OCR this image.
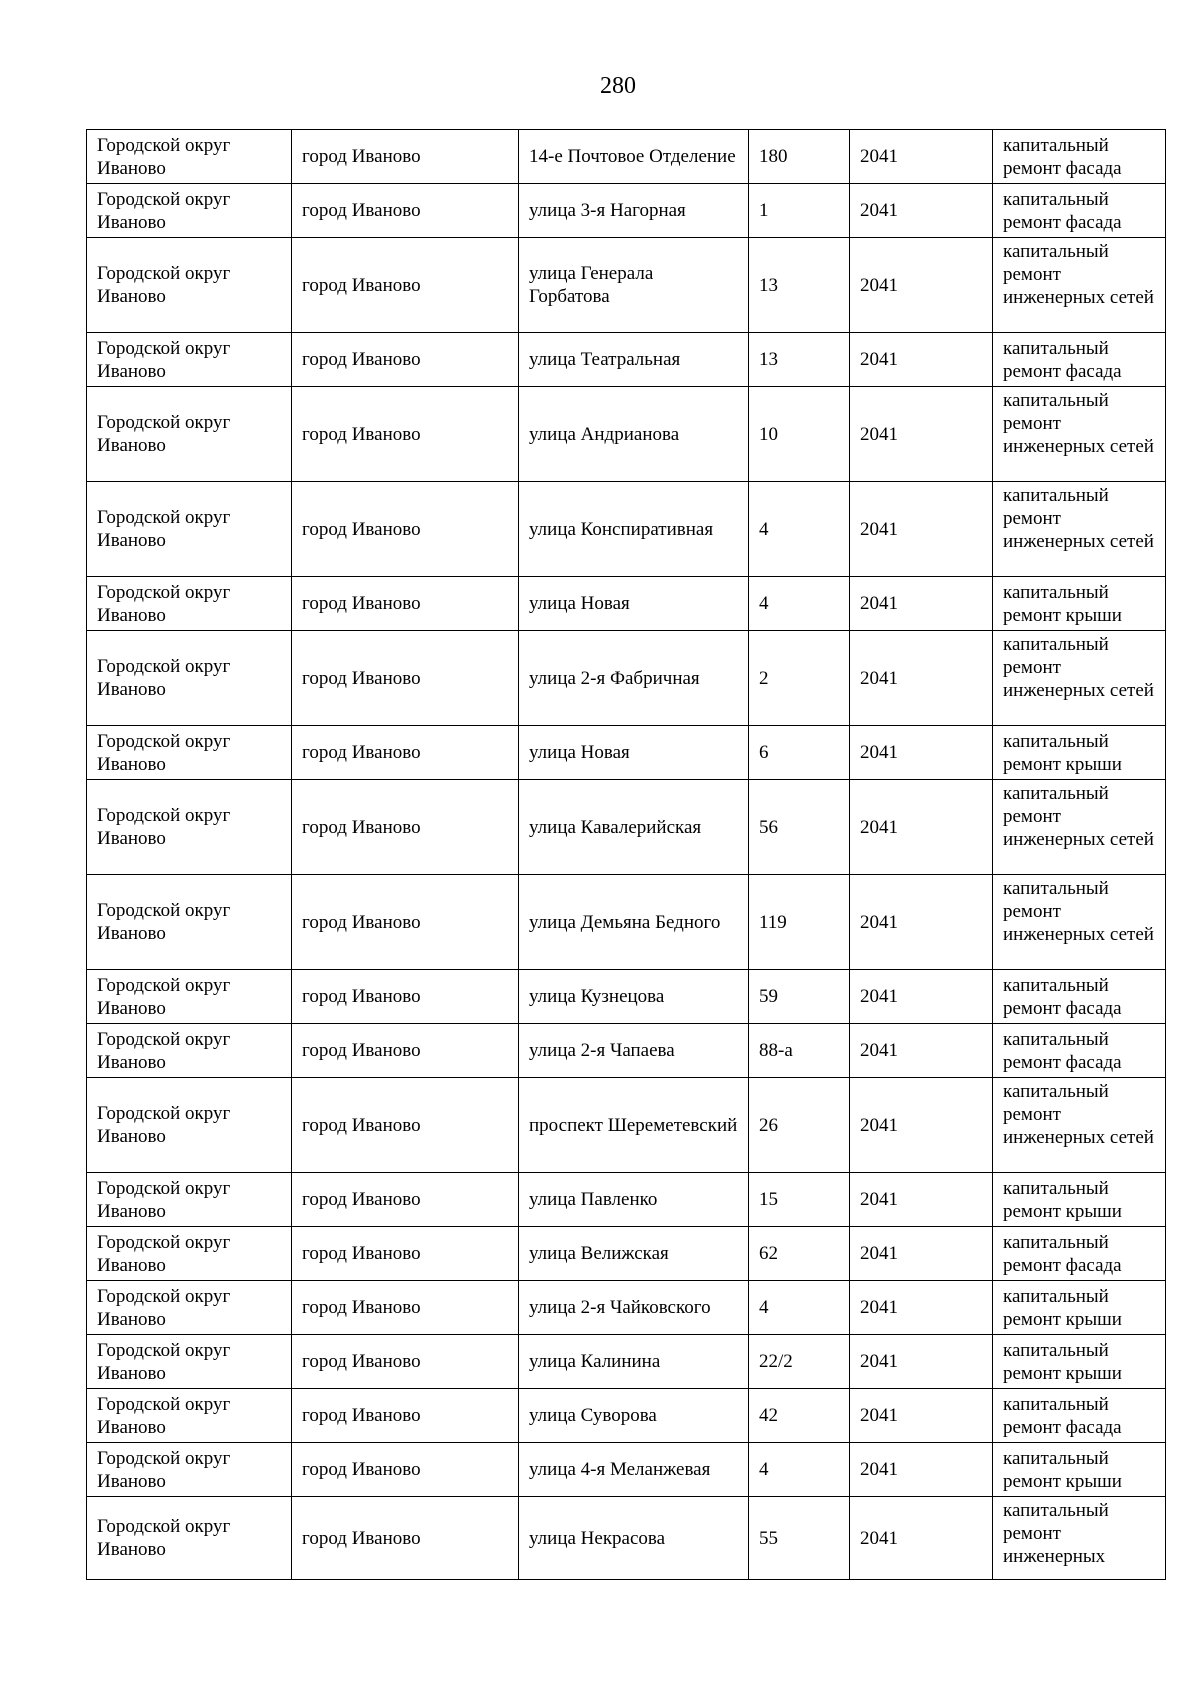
280
Городской округ Иваново	город Иваново	14-е Почтовое Отделение	180	2041	капитальный ремонт фасада
Городской округ Иваново	город Иваново	улица 3-я Нагорная	1	2041	капитальный ремонт фасада
Городской округ Иваново	город Иваново	улица Генерала Горбатова	13	2041	капитальный ремонт инженерных сетей
Городской округ Иваново	город Иваново	улица Театральная	13	2041	капитальный ремонт фасада
Городской округ Иваново	город Иваново	улица Андрианова	10	2041	капитальный ремонт инженерных сетей
Городской округ Иваново	город Иваново	улица Конспиративная	4	2041	капитальный ремонт инженерных сетей
Городской округ Иваново	город Иваново	улица Новая	4	2041	капитальный ремонт крыши
Городской округ Иваново	город Иваново	улица 2-я Фабричная	2	2041	капитальный ремонт инженерных сетей
Городской округ Иваново	город Иваново	улица Новая	6	2041	капитальный ремонт крыши
Городской округ Иваново	город Иваново	улица Кавалерийская	56	2041	капитальный ремонт инженерных сетей
Городской округ Иваново	город Иваново	улица Демьяна Бедного	119	2041	капитальный ремонт инженерных сетей
Городской округ Иваново	город Иваново	улица Кузнецова	59	2041	капитальный ремонт фасада
Городской округ Иваново	город Иваново	улица 2-я Чапаева	88-а	2041	капитальный ремонт фасада
Городской округ Иваново	город Иваново	проспект Шереметевский	26	2041	капитальный ремонт инженерных сетей
Городской округ Иваново	город Иваново	улица Павленко	15	2041	капитальный ремонт крыши
Городской округ Иваново	город Иваново	улица Велижская	62	2041	капитальный ремонт фасада
Городской округ Иваново	город Иваново	улица 2-я Чайковского	4	2041	капитальный ремонт крыши
Городской округ Иваново	город Иваново	улица Калинина	22/2	2041	капитальный ремонт крыши
Городской округ Иваново	город Иваново	улица Суворова	42	2041	капитальный ремонт фасада
Городской округ Иваново	город Иваново	улица 4-я Меланжевая	4	2041	капитальный ремонт крыши
Городской округ Иваново	город Иваново	улица Некрасова	55	2041	капитальный ремонт инженерных
